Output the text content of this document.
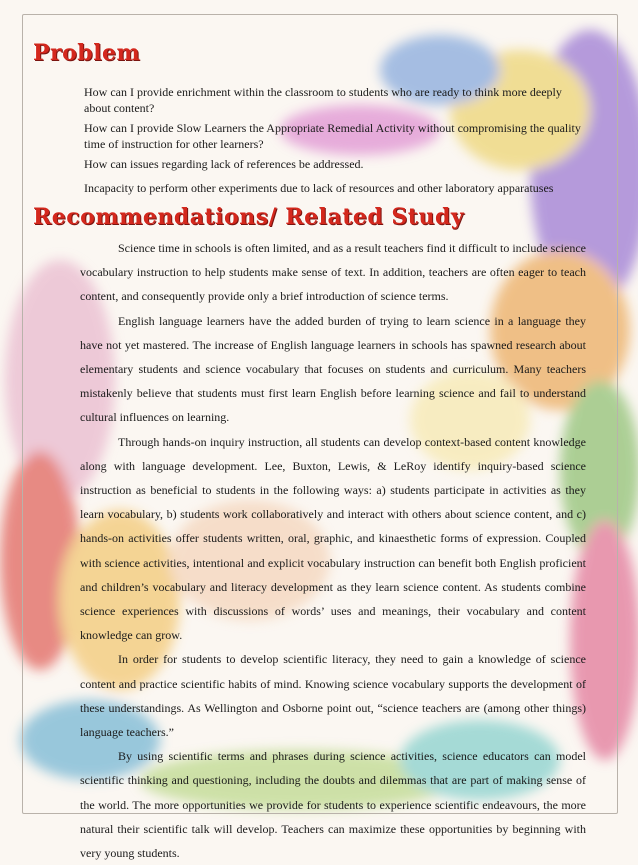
Problem

How can I provide enrichment within the classroom to students who are ready to think more deeply about content?

How can I provide Slow Learners the Appropriate Remedial Activity without compromising the quality time of instruction for other learners?

How can issues regarding lack of references be addressed.

Incapacity to perform other experiments due to lack of resources and other laboratory apparatuses

Recommendations/ Related Study

Science time in schools is often limited, and as a result teachers find it difficult to include science vocabulary instruction to help students make sense of text. In addition, teachers are often eager to teach content, and consequently provide only a brief introduction of science terms.

English language learners have the added burden of trying to learn science in a language they have not yet mastered. The increase of English language learners in schools has spawned research about elementary students and science vocabulary that focuses on students and curriculum. Many teachers mistakenly believe that students must first learn English before learning science and fail to understand cultural influences on learning.

Through hands-on inquiry instruction, all students can develop context-based content knowledge along with language development. Lee, Buxton, Lewis, & LeRoy identify inquiry-based science instruction as beneficial to students in the following ways: a) students participate in activities as they learn vocabulary, b) students work collaboratively and interact with others about science content, and c) hands-on activities offer students written, oral, graphic, and kinaesthetic forms of expression. Coupled with science activities, intentional and explicit vocabulary instruction can benefit both English proficient and children’s vocabulary and literacy development as they learn science content. As students combine science experiences with discussions of words’ uses and meanings, their vocabulary and content knowledge can grow.

In order for students to develop scientific literacy, they need to gain a knowledge of science content and practice scientific habits of mind. Knowing science vocabulary supports the development of these understandings. As Wellington and Osborne point out, “science teachers are (among other things) language teachers.”

By using scientific terms and phrases during science activities, science educators can model scientific thinking and questioning, including the doubts and dilemmas that are part of making sense of the world. The more opportunities we provide for students to experience scientific endeavours, the more natural their scientific talk will develop. Teachers can maximize these opportunities by beginning with very young students.
